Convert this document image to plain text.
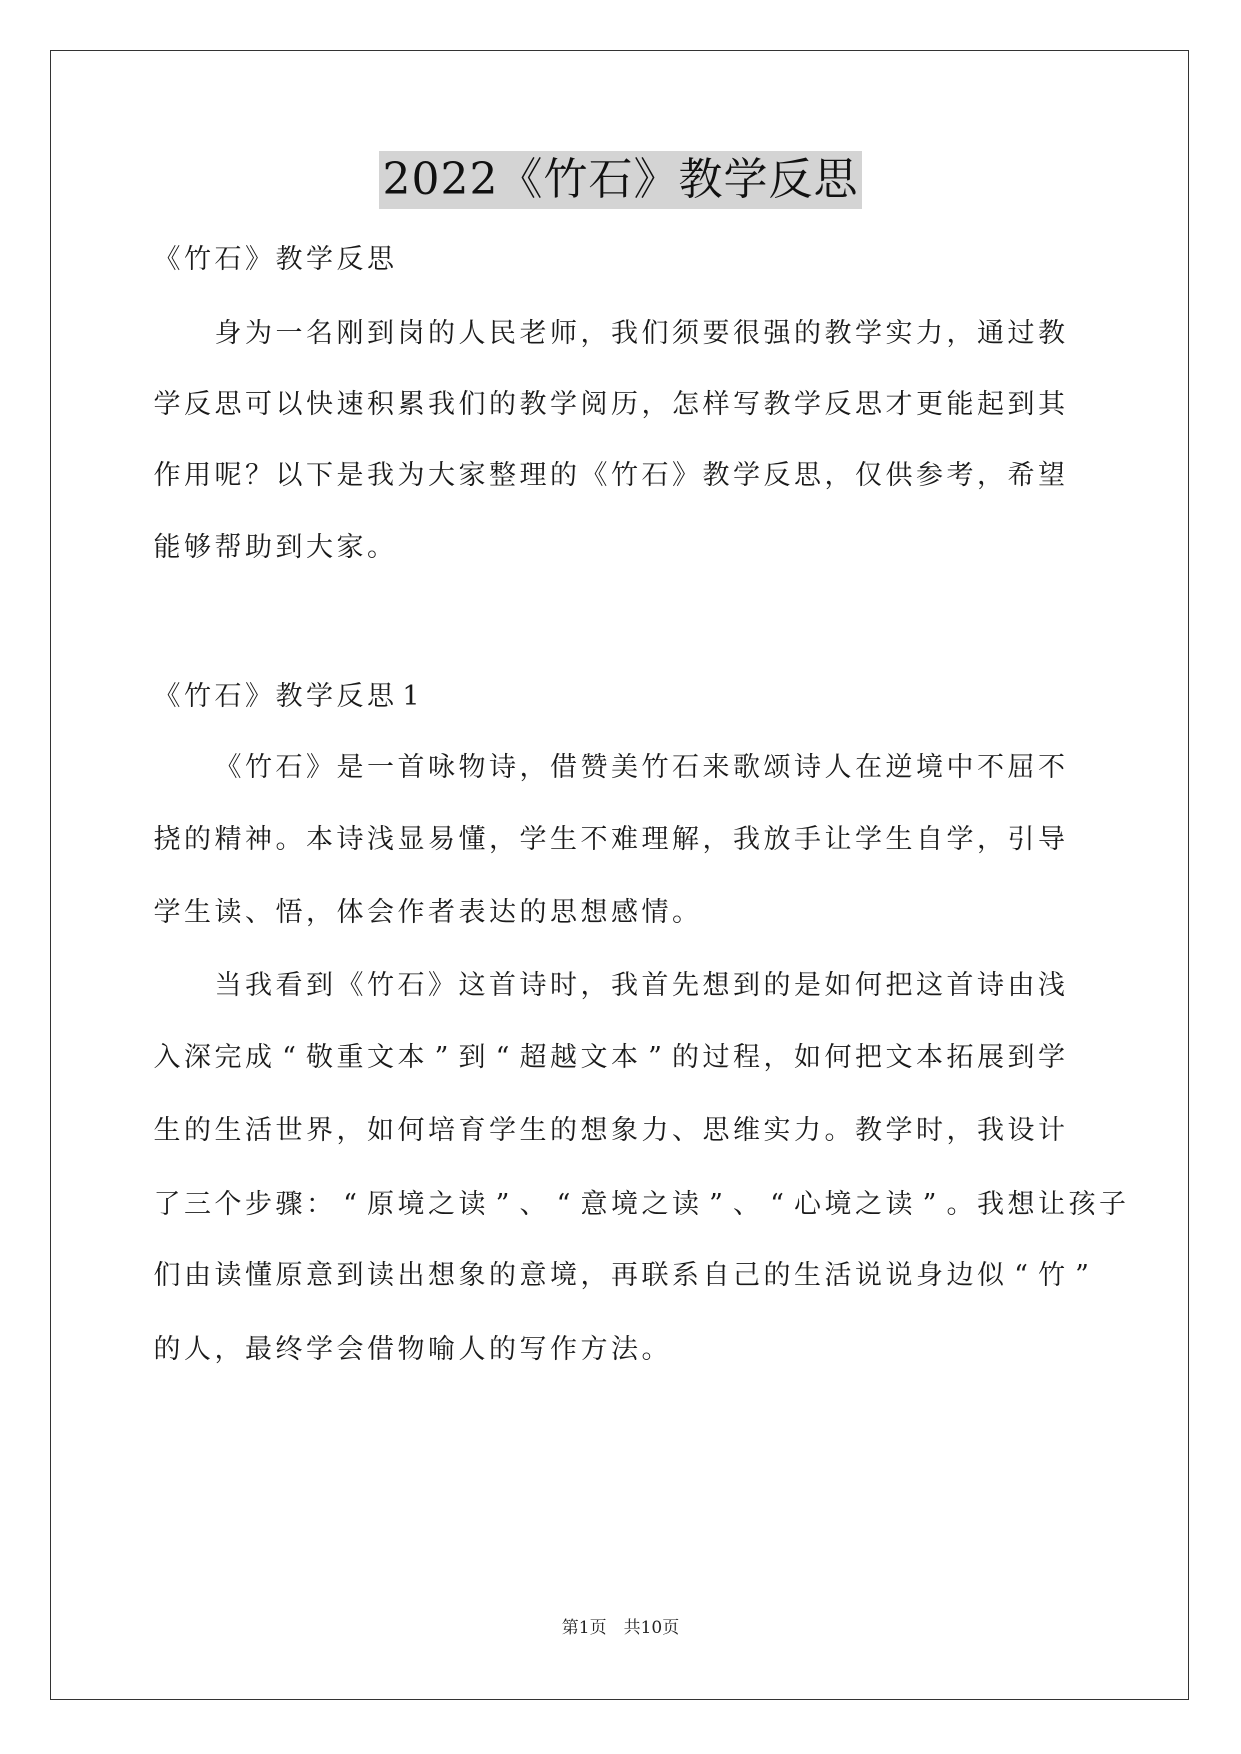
2022《竹石》教学反思
《 竹 石 》 教 学 反 思

身 为 一 名 刚 到 岗 的 人 民 老 师 ， 我 们 须 要 很 强 的 教 学 实 力 ， 通 过 教
学 反 思 可 以 快 速 积 累 我 们 的 教 学 阅 历 ， 怎 样 写 教 学 反 思 才 更 能 起 到 其
作 用 呢 ？ 以 下 是 我 为 大 家 整 理 的 《 竹 石 》 教 学 反 思 ， 仅 供 参 考 ， 希 望
能 够 帮 助 到 大 家 。
《 竹 石 》 教 学 反 思 1

《 竹 石 》 是 一 首 咏 物 诗 ， 借 赞 美 竹 石 来 歌 颂 诗 人 在 逆 境 中 不 屈 不
挠 的 精 神 。 本 诗 浅 显 易 懂 ， 学 生 不 难 理 解 ， 我 放 手 让 学 生 自 学 ， 引 导
学 生 读 、 悟 ， 体 会 作 者 表 达 的 思 想 感 情 。

当 我 看 到 《 竹 石 》 这 首 诗 时 ， 我 首 先 想 到 的 是 如 何 把 这 首 诗 由 浅
入 深 完 成 “ 敬 重 文 本 ” 到 “ 超 越 文 本 ” 的 过 程 ， 如 何 把 文 本 拓 展 到 学
生 的 生 活 世 界 ， 如 何 培 育 学 生 的 想 象 力 、 思 维 实 力 。 教 学 时 ， 我 设 计
了 三 个 步 骤 ： “ 原 境 之 读 ” 、 “ 意 境 之 读 ” 、 “ 心 境 之 读 ” 。 我 想 让 孩 子
们 由 读 懂 原 意 到 读 出 想 象 的 意 境 ， 再 联 系 自 己 的 生 活 说 说 身 边 似 “ 竹 ”
的 人 ， 最 终 学 会 借 物 喻 人 的 写 作 方 法 。
第1页　共10页
